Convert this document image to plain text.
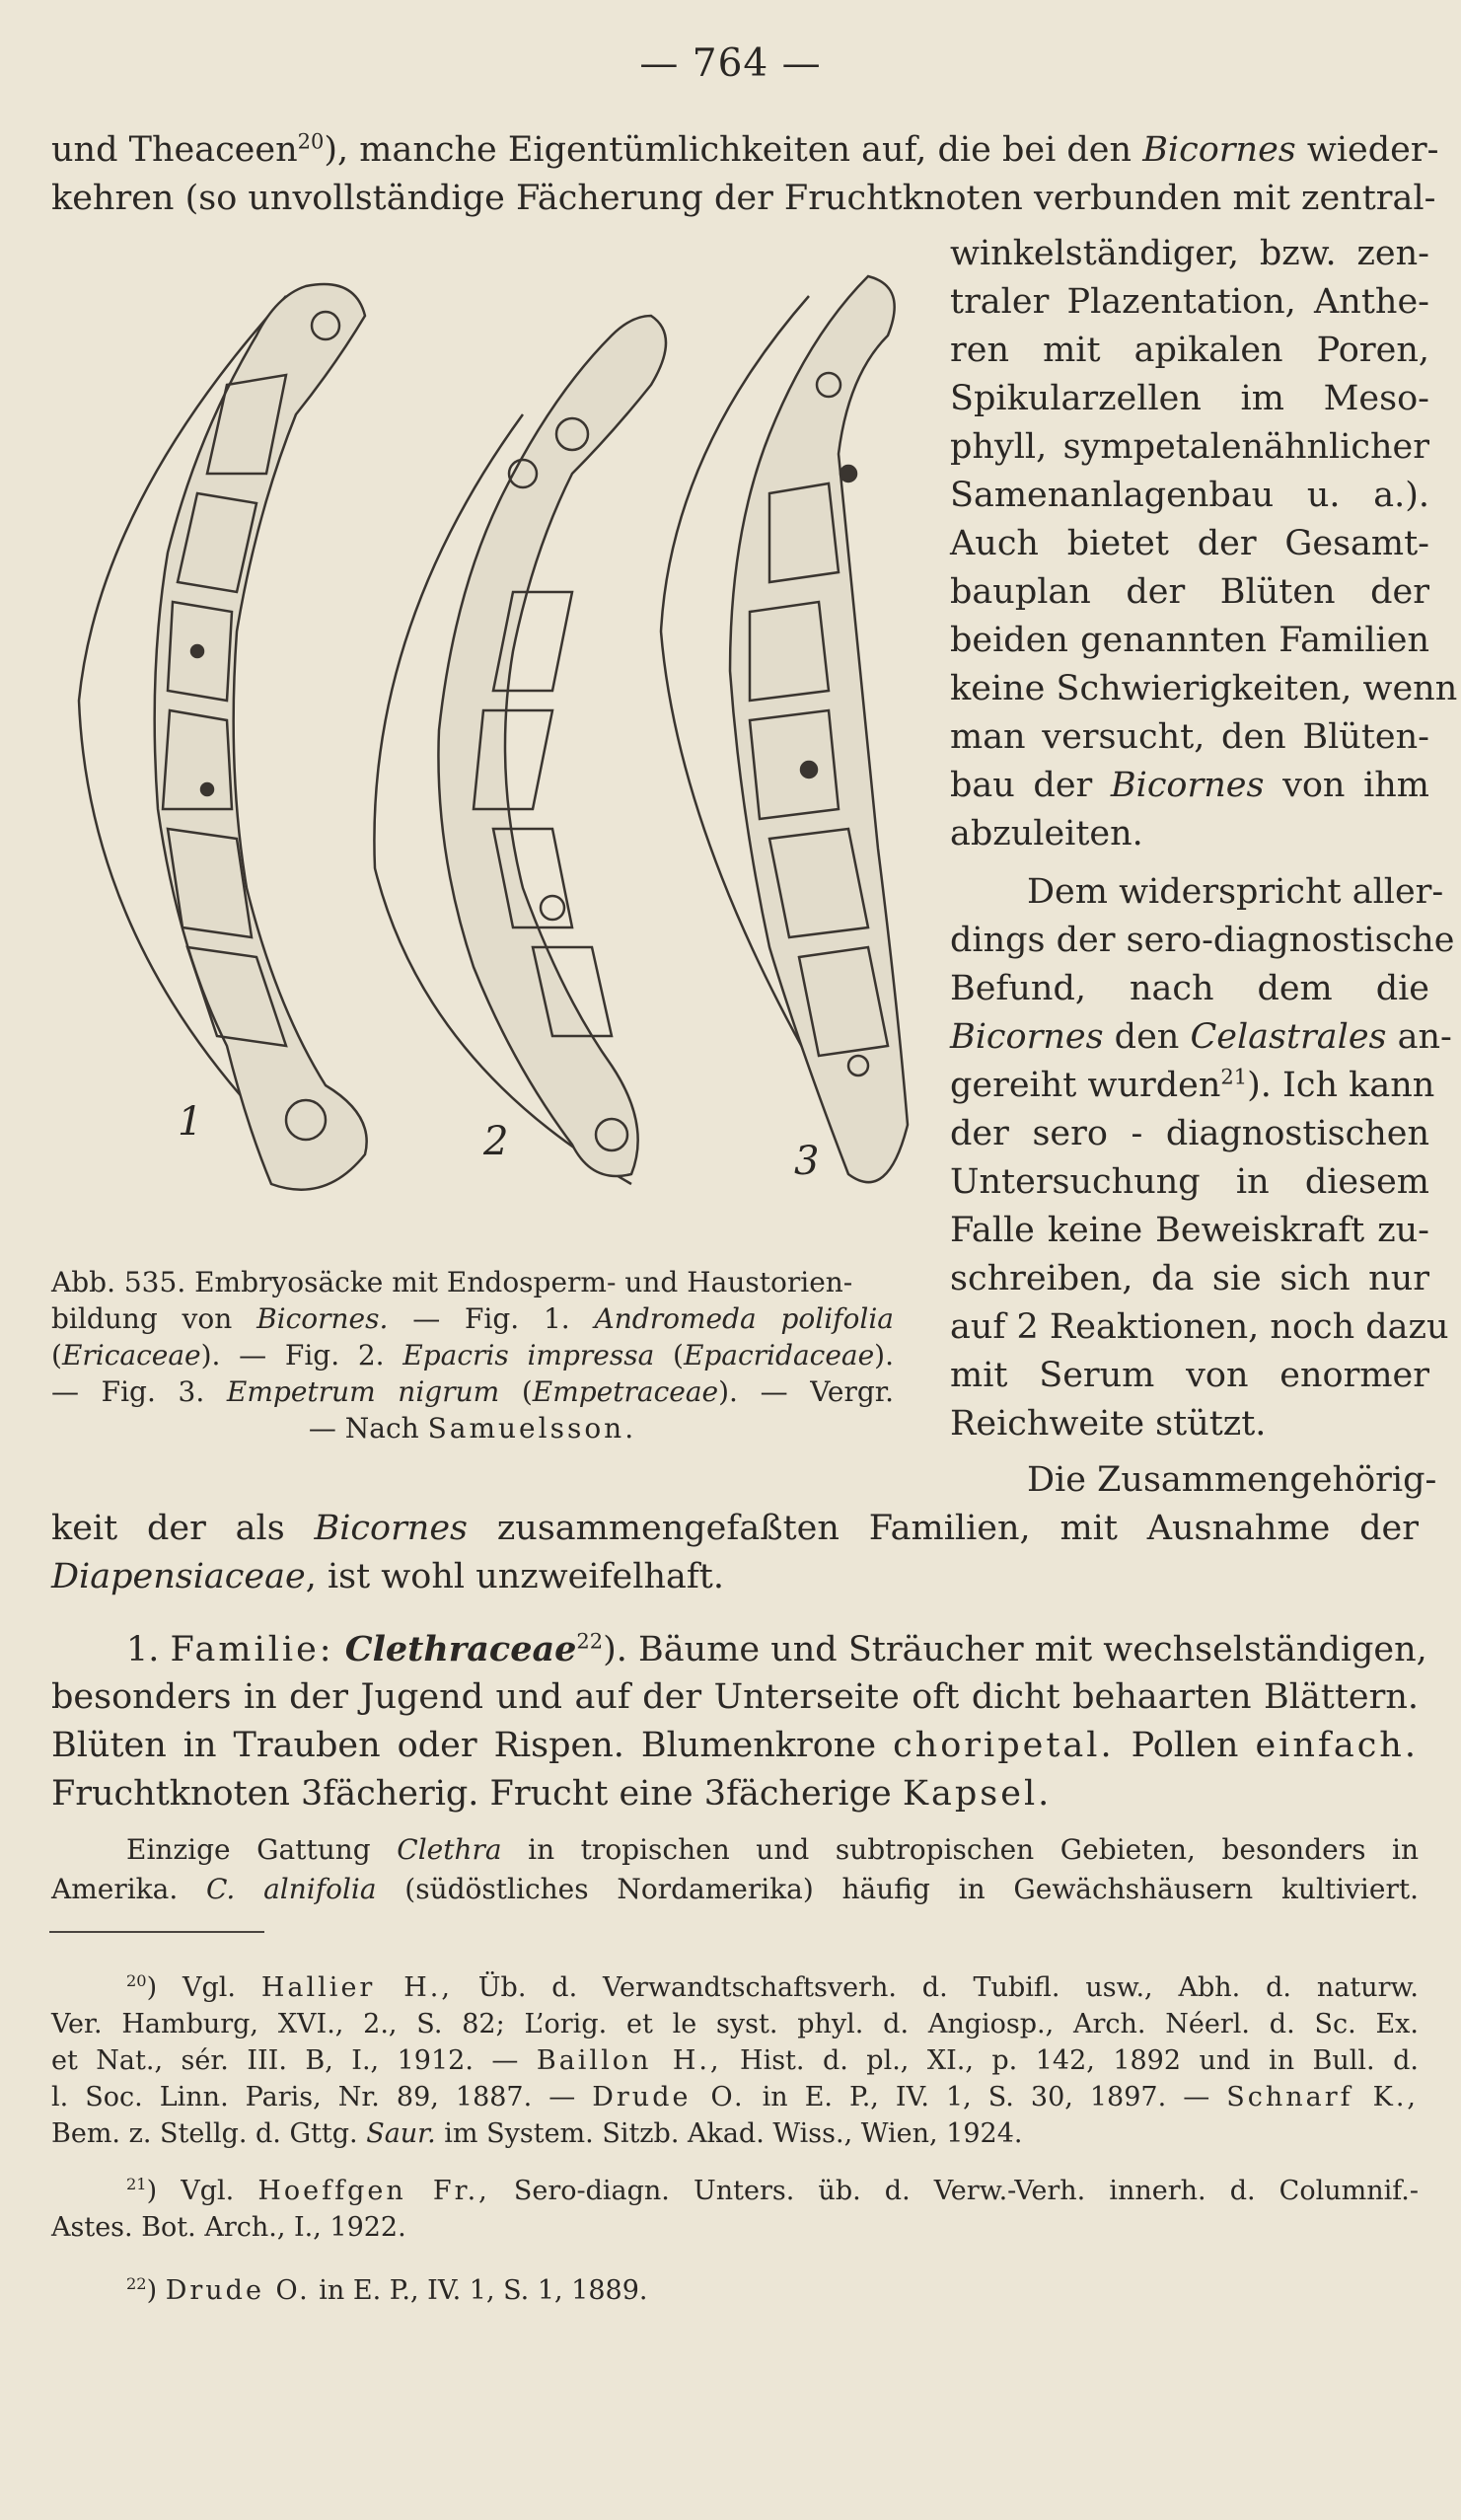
— 764 —
und Theaceen$^{20}$), manche Eigentümlichkeiten auf, die bei den Bicornes wieder-
kehren (so unvollständige Fächerung der Fruchtknoten verbunden mit zentral-
winkelständiger, bzw. zen-
traler Plazentation, Anthe-
ren mit apikalen Poren,
Spikularzellen im Meso-
phyll, sympetalenähnlicher
Samenanlagenbau u. a.).
Auch bietet der Gesamt-
bauplan der Blüten der
beiden genannten Familien
keine Schwierigkeiten, wenn
man versucht, den Blüten-
bau der Bicornes von ihm
abzuleiten.
Dem widerspricht aller-
dings der sero-diagnostische
Befund, nach dem die
Bicornes den Celastrales an-
gereiht wurden$^{21}$). Ich kann
der sero - diagnostischen
Untersuchung in diesem
Falle keine Beweiskraft zu-
schreiben, da sie sich nur
auf 2 Reaktionen, noch dazu
mit Serum von enormer
Reichweite stützt.
Die Zusammengehörig-
keit der als Bicornes zusammengefaßten Familien, mit Ausnahme der
Diapensiaceae, ist wohl unzweifelhaft.
1	2	3
Abb. 535. Embryosäcke mit Endosperm- und Haustorien-
bildung von Bicornes. — Fig. 1. Andromeda polifolia
(Ericaceae). — Fig. 2. Epacris impressa (Epacridaceae).
— Fig. 3. Empetrum nigrum (Empetraceae). — Vergr.
— Nach Samuelsson.
1. Familie: Clethraceae$^{22}$). Bäume und Sträucher mit wechselständigen,
besonders in der Jugend und auf der Unterseite oft dicht behaarten Blättern.
Blüten in Trauben oder Rispen. Blumenkrone choripetal. Pollen einfach.
Fruchtknoten 3fächerig. Frucht eine 3fächerige Kapsel.
Einzige Gattung Clethra in tropischen und subtropischen Gebieten, besonders in
Amerika. C. alnifolia (südöstliches Nordamerika) häufig in Gewächshäusern kultiviert.
$^{20}$) Vgl. Hallier H., Üb. d. Verwandtschaftsverh. d. Tubifl. usw., Abh. d. naturw.
Ver. Hamburg, XVI., 2., S. 82; L’orig. et le syst. phyl. d. Angiosp., Arch. Néerl. d. Sc. Ex.
et Nat., sér. III. B, I., 1912. — Baillon H., Hist. d. pl., XI., p. 142, 1892 und in Bull. d.
l. Soc. Linn. Paris, Nr. 89, 1887. — Drude O. in E. P., IV. 1, S. 30, 1897. — Schnarf K.,
Bem. z. Stellg. d. Gttg. Saur. im System. Sitzb. Akad. Wiss., Wien, 1924.
$^{21}$) Vgl. Hoeffgen Fr., Sero-diagn. Unters. üb. d. Verw.-Verh. innerh. d. Columnif.-
Astes. Bot. Arch., I., 1922.
$^{22}$) Drude O. in E. P., IV. 1, S. 1, 1889.
